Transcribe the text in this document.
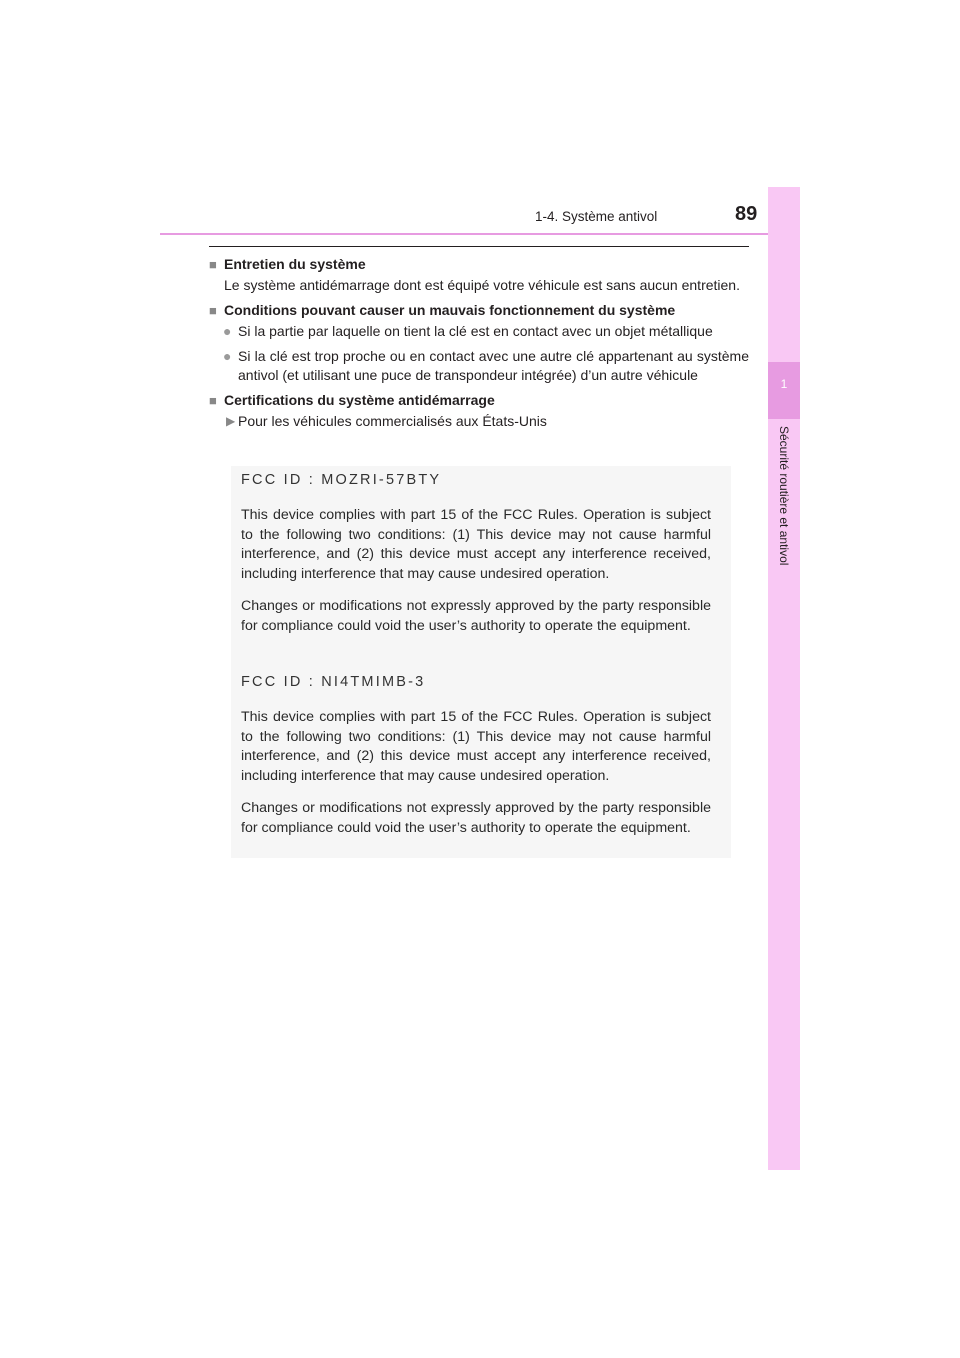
1-4. Système antivol	89
1
Sécurité routière et antivol

■ Entretien du système

Le système antidémarrage dont est équipé votre véhicule est sans aucun entretien.

■ Conditions pouvant causer un mauvais fonctionnement du système

● Si la partie par laquelle on tient la clé est en contact avec un objet métallique

● Si la clé est trop proche ou en contact avec une autre clé appartenant au système antivol (et utilisant une puce de transpondeur intégrée) d’un autre véhicule

■ Certifications du système antidémarrage

▶ Pour les véhicules commercialisés aux États-Unis

FCC ID : MOZRI-57BTY
This device complies with part 15 of the FCC Rules. Operation is subject to the following two conditions: (1) This device may not cause harmful interference, and (2) this device must accept any interference received, including interference that may cause undesired operation.
Changes or modifications not expressly approved by the party responsible for compliance could void the user’s authority to operate the equipment.
FCC ID : NI4TMIMB-3
This device complies with part 15 of the FCC Rules. Operation is subject to the following two conditions: (1) This device may not cause harmful interference, and (2) this device must accept any interference received, including interference that may cause undesired operation.
Changes or modifications not expressly approved by the party responsible for compliance could void the user’s authority to operate the equipment.
